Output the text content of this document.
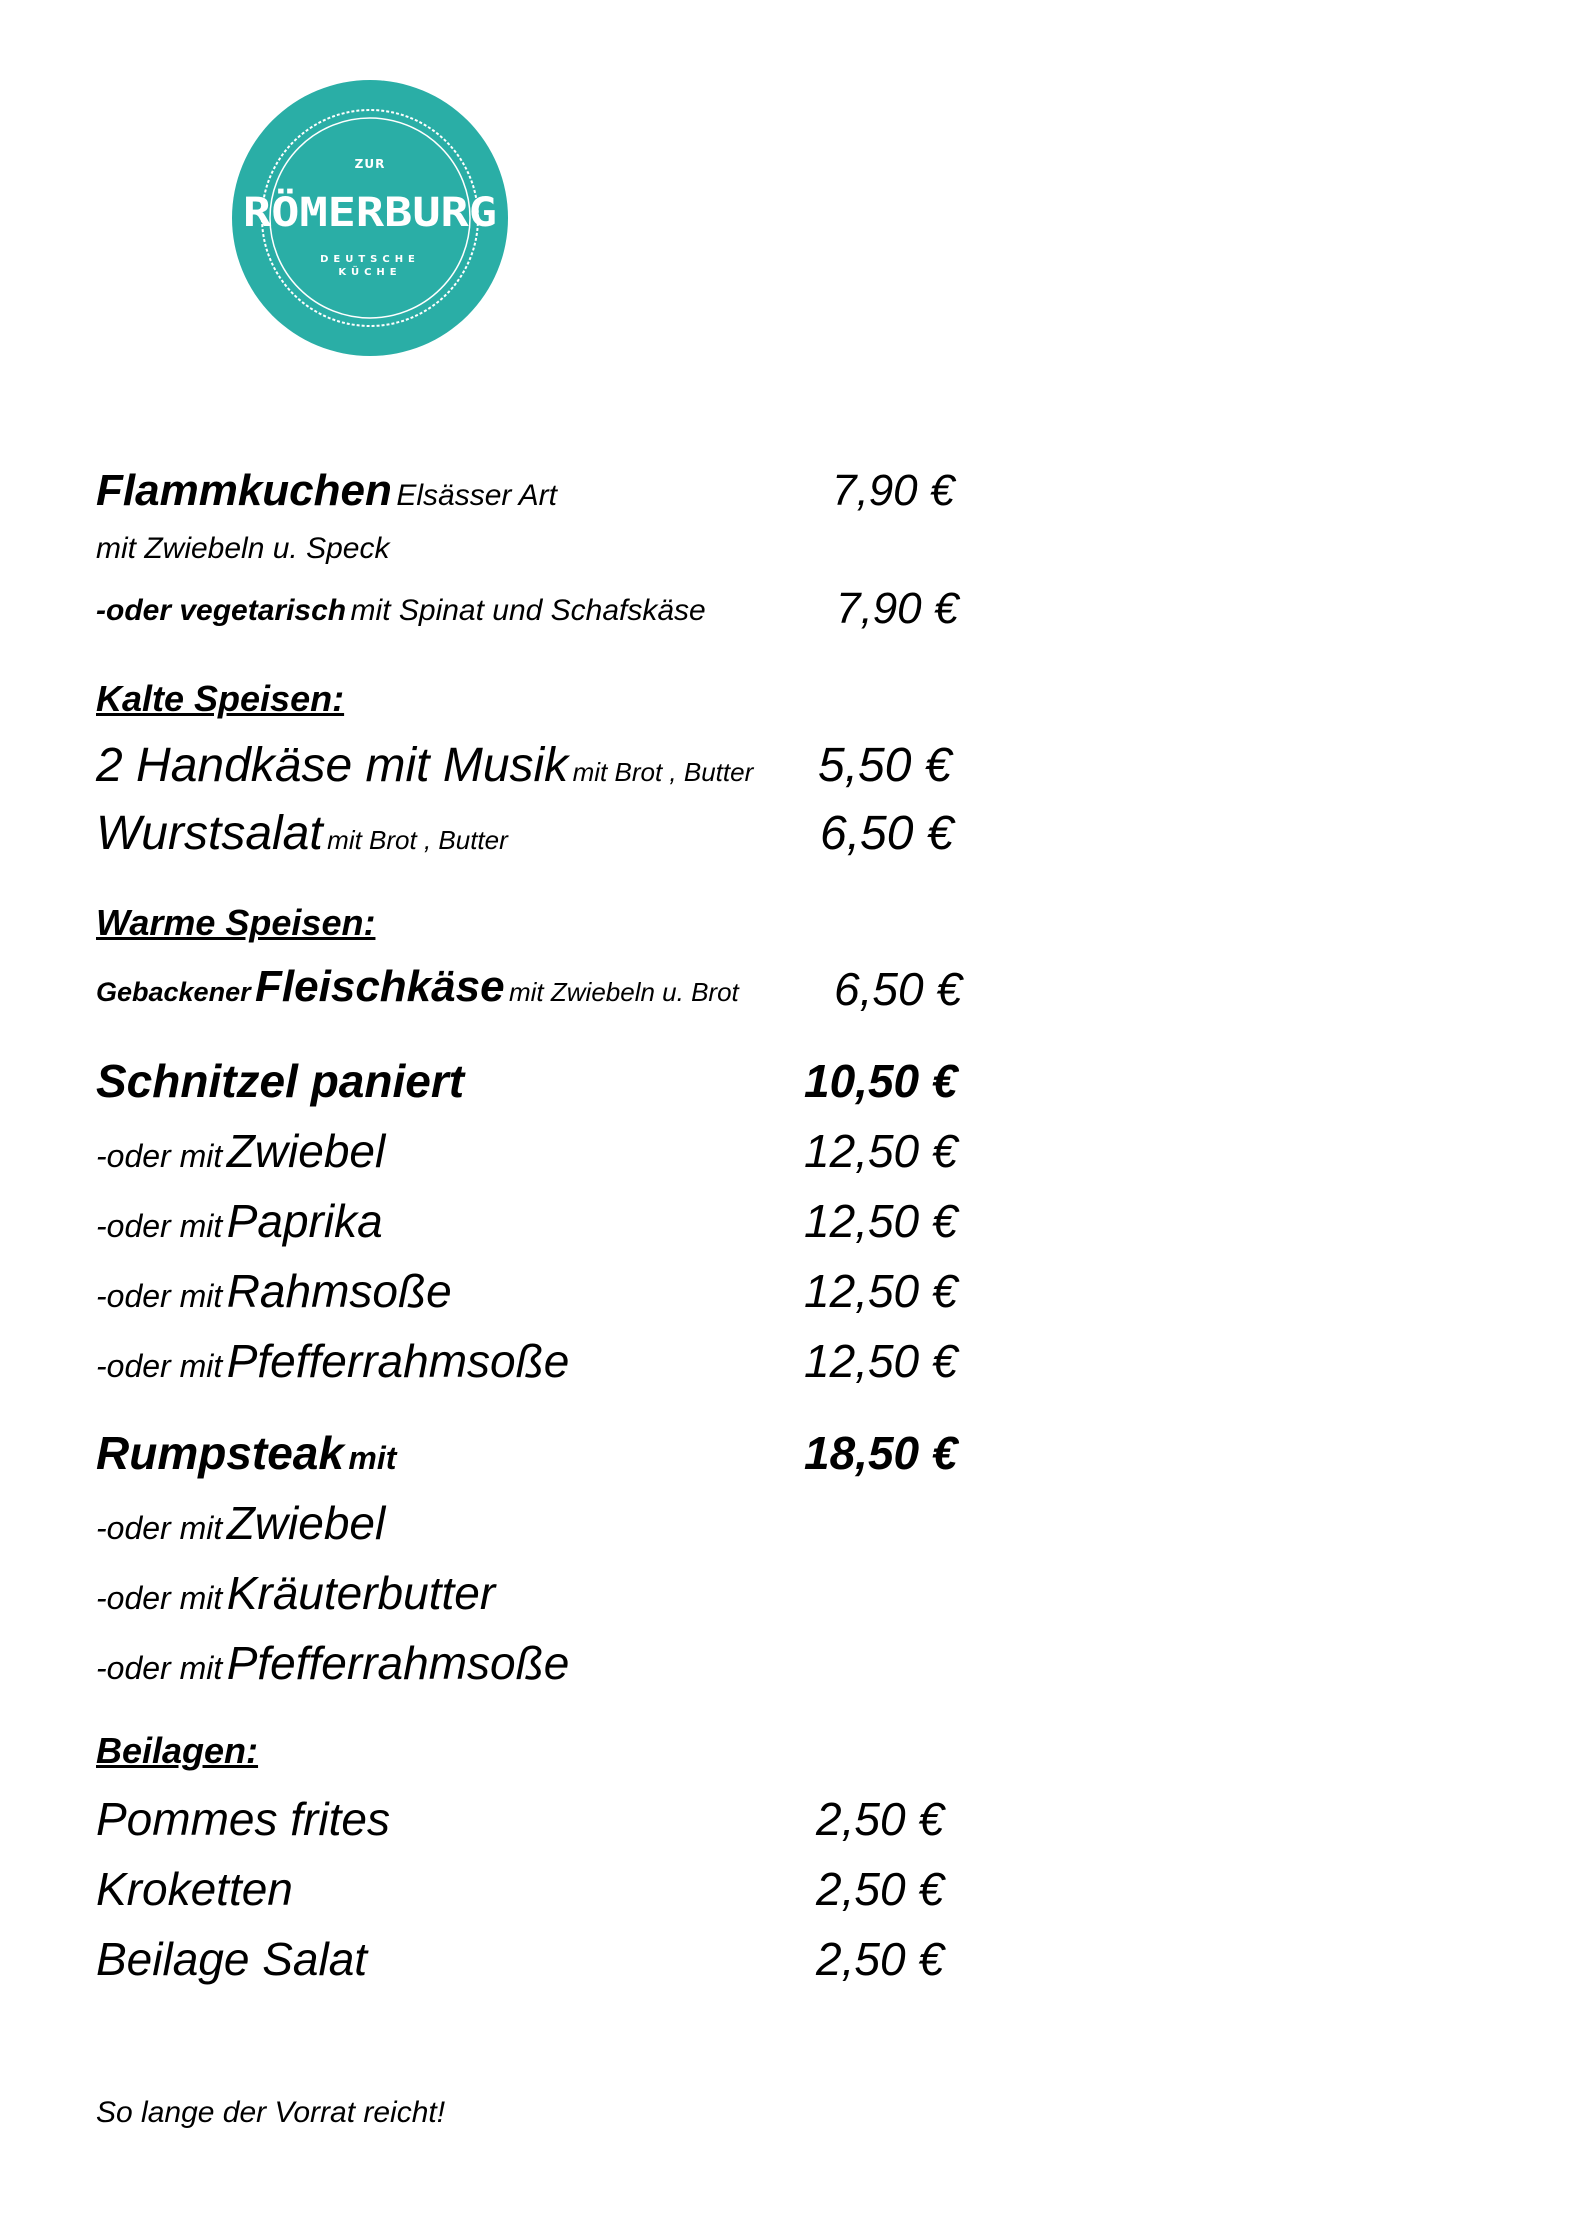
ZUR
RÖMERBURG
DEUTSCHE
KÜCHE
Flammkuchen Elsässer Art	7,90 €
mit Zwiebeln u. Speck
-oder vegetarisch mit Spinat und Schafskäse	7,90 €
Kalte Speisen:
2 Handkäse mit Musik mit Brot , Butter 5,50 €
Wurstsalat mit Brot , Butter	6,50 €
Warme Speisen:
Gebackener Fleischkäse mit Zwiebeln u. Brot 6,50 €
Schnitzel paniert	10,50 €
-oder mit Zwiebel	12,50 €
-oder mit Paprika	12,50 €
-oder mit Rahmsoße	12,50 €
-oder mit Pfefferrahmsoße	12,50 €
Rumpsteak mit	18,50 €
-oder mit Zwiebel
-oder mit Kräuterbutter
-oder mit Pfefferrahmsoße
Beilagen:
Pommes frites	2,50 €
Kroketten	2,50 €
Beilage Salat	2,50 €
So lange der Vorrat reicht!
